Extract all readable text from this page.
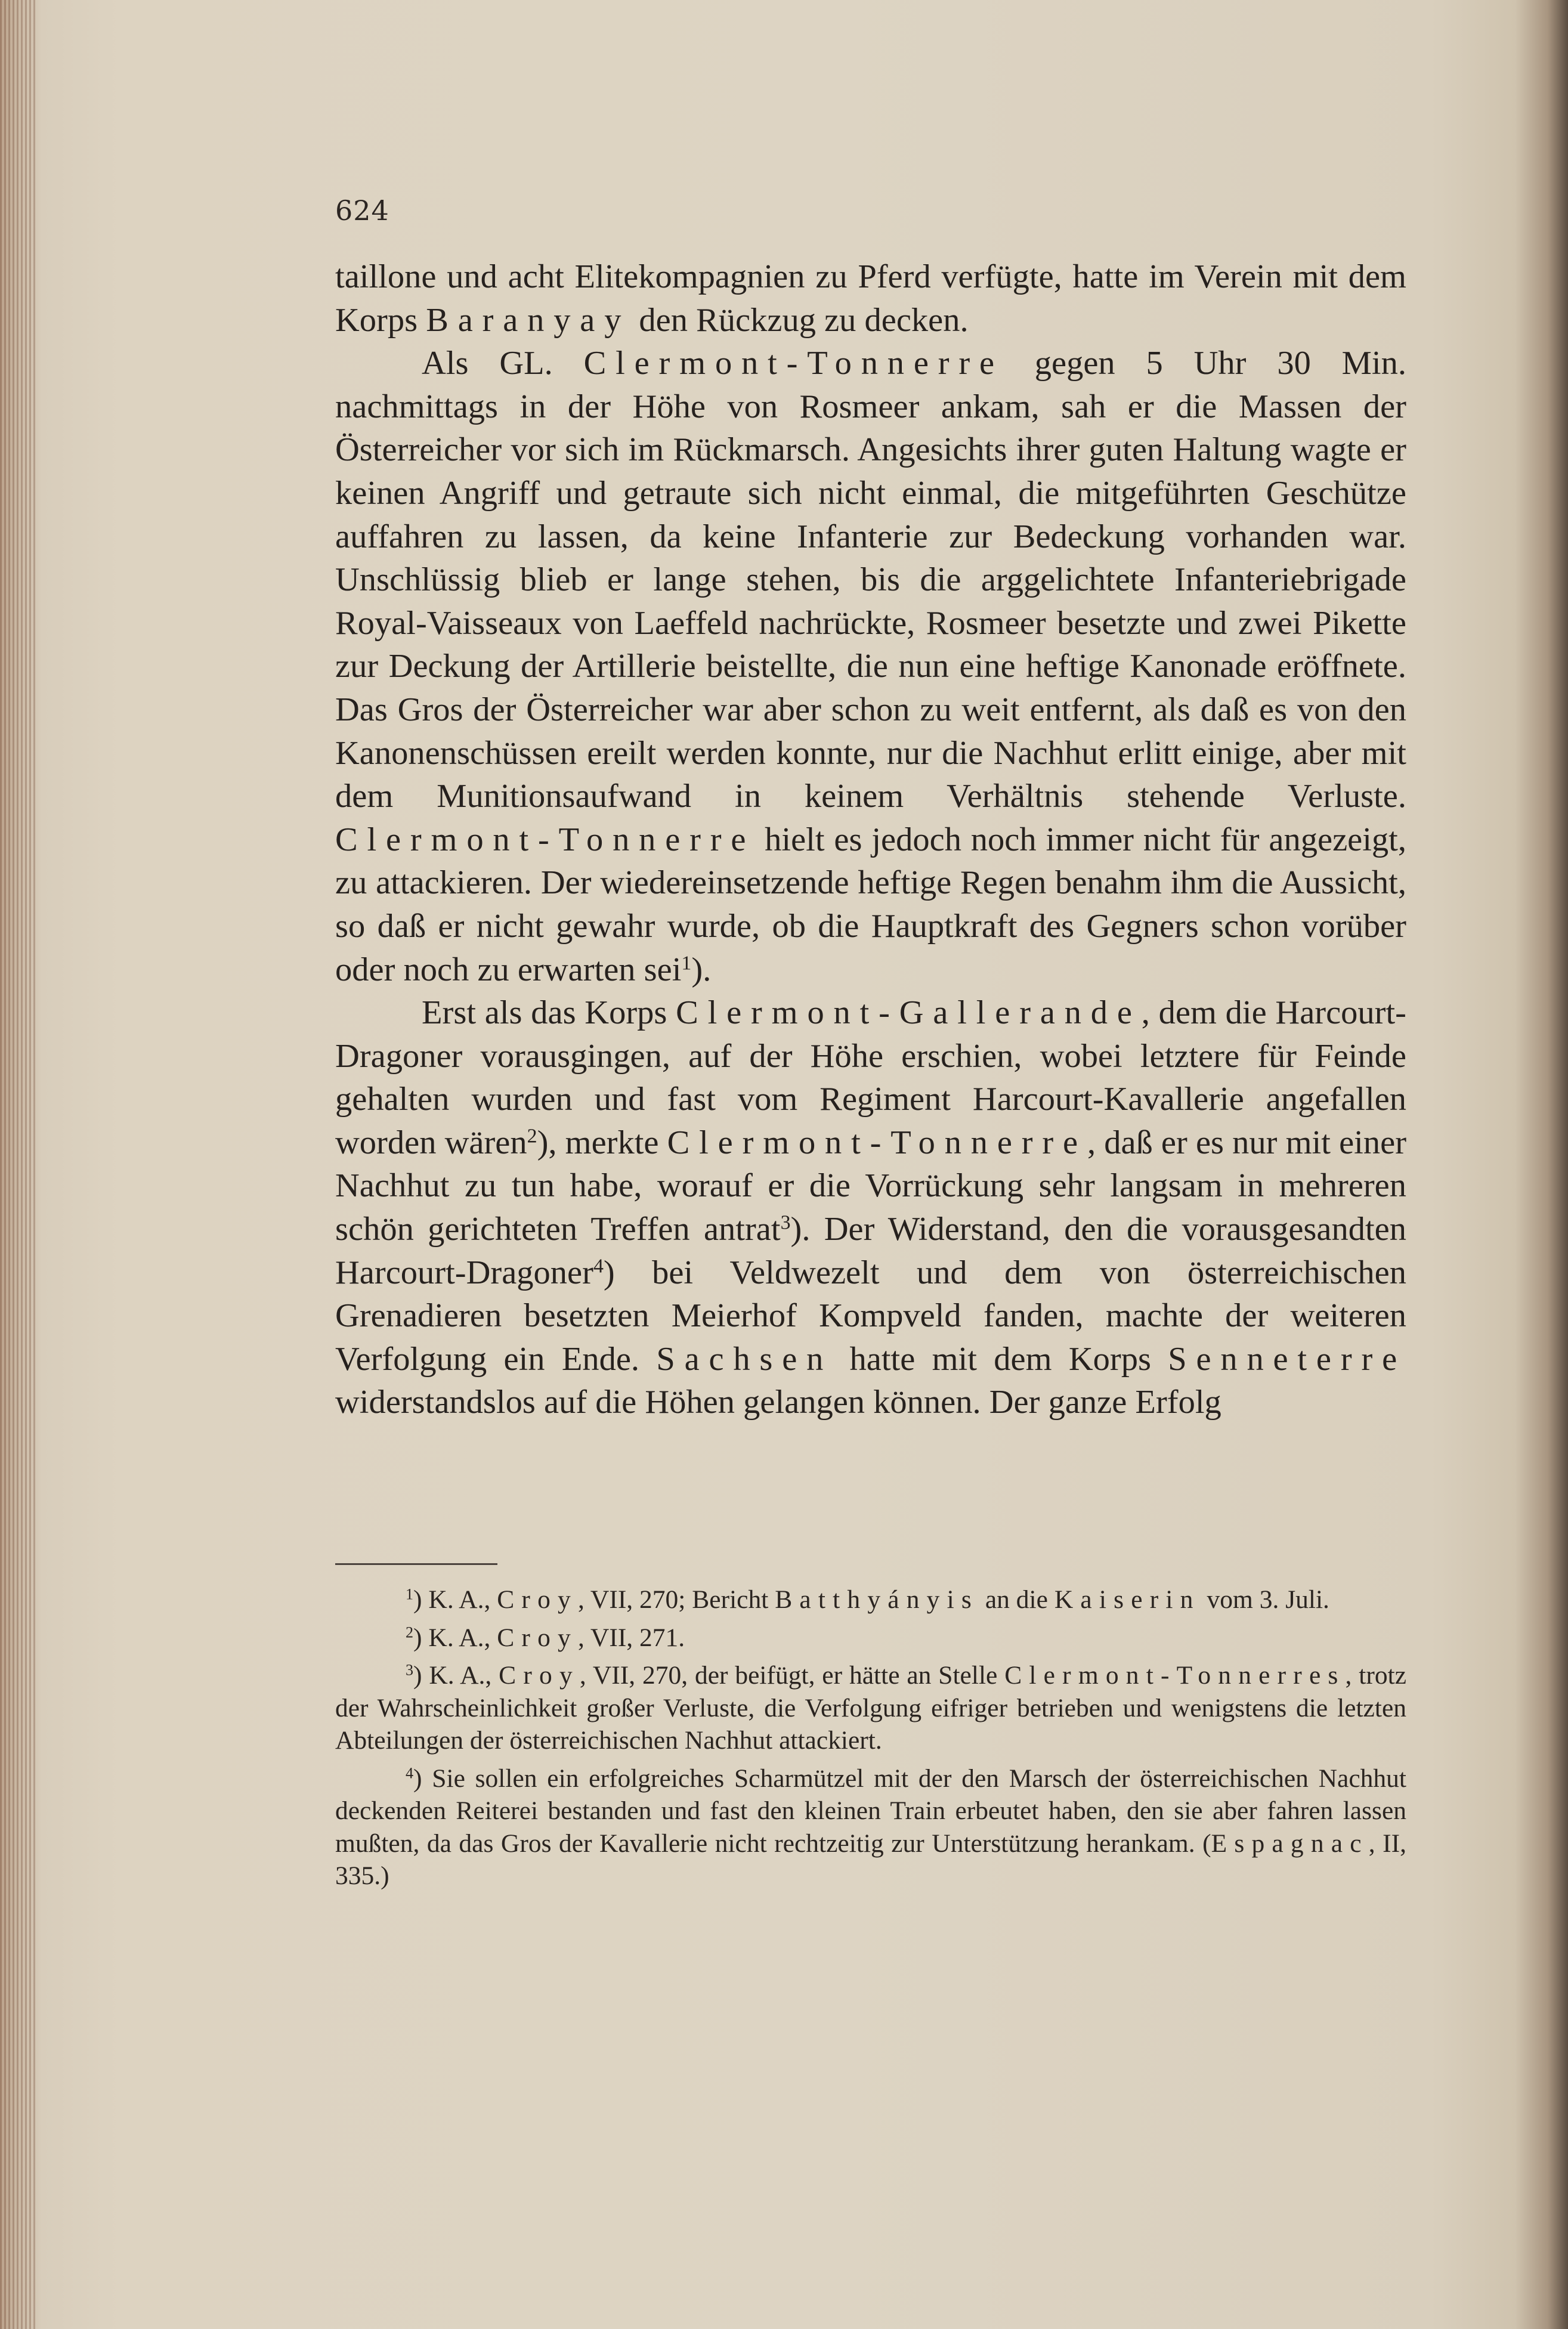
624

taillone und acht Elitekompagnien zu Pferd verfügte, hatte im Verein mit dem Korps Baranyay den Rückzug zu decken.

Als GL. Clermont-Tonnerre gegen 5 Uhr 30 Min. nachmittags in der Höhe von Rosmeer ankam, sah er die Massen der Österreicher vor sich im Rückmarsch. Angesichts ihrer guten Haltung wagte er keinen Angriff und getraute sich nicht einmal, die mitgeführten Geschütze auffahren zu lassen, da keine Infanterie zur Bedeckung vorhanden war. Unschlüssig blieb er lange stehen, bis die arggelichtete Infanteriebrigade Royal-Vaisseaux von Laeffeld nachrückte, Rosmeer besetzte und zwei Pikette zur Deckung der Artillerie beistellte, die nun eine heftige Kanonade eröffnete. Das Gros der Österreicher war aber schon zu weit entfernt, als daß es von den Kanonenschüssen ereilt werden konnte, nur die Nachhut erlitt einige, aber mit dem Munitionsaufwand in keinem Verhältnis stehende Verluste. Clermont-Tonnerre hielt es jedoch noch immer nicht für angezeigt, zu attackieren. Der wiedereinsetzende heftige Regen benahm ihm die Aussicht, so daß er nicht gewahr wurde, ob die Hauptkraft des Gegners schon vorüber oder noch zu erwarten sei$^1$).

Erst als das Korps Clermont-Gallerande, dem die Harcourt-Dragoner vorausgingen, auf der Höhe erschien, wobei letztere für Feinde gehalten wurden und fast vom Regiment Harcourt-Kavallerie angefallen worden wären$^2$), merkte Clermont-Tonnerre, daß er es nur mit einer Nachhut zu tun habe, worauf er die Vorrückung sehr langsam in mehreren schön gerichteten Treffen antrat$^3$). Der Widerstand, den die vorausgesandten Harcourt-Dragoner$^4$) bei Veldwezelt und dem von österreichischen Grenadieren besetzten Meierhof Kompveld fanden, machte der weiteren Verfolgung ein Ende. Sachsen hatte mit dem Korps Senneterre widerstandslos auf die Höhen gelangen können. Der ganze Erfolg

$^1$) K. A., Croy, VII, 270; Bericht Batthyányis an die Kaiserin vom 3. Juli.

$^2$) K. A., Croy, VII, 271.

$^3$) K. A., Croy, VII, 270, der beifügt, er hätte an Stelle Clermont-Tonnerres, trotz der Wahrscheinlichkeit großer Verluste, die Verfolgung eifriger betrieben und wenigstens die letzten Abteilungen der österreichischen Nachhut attackiert.

$^4$) Sie sollen ein erfolgreiches Scharmützel mit der den Marsch der österreichischen Nachhut deckenden Reiterei bestanden und fast den kleinen Train erbeutet haben, den sie aber fahren lassen mußten, da das Gros der Kavallerie nicht rechtzeitig zur Unterstützung herankam. (Espagnac, II, 335.)
